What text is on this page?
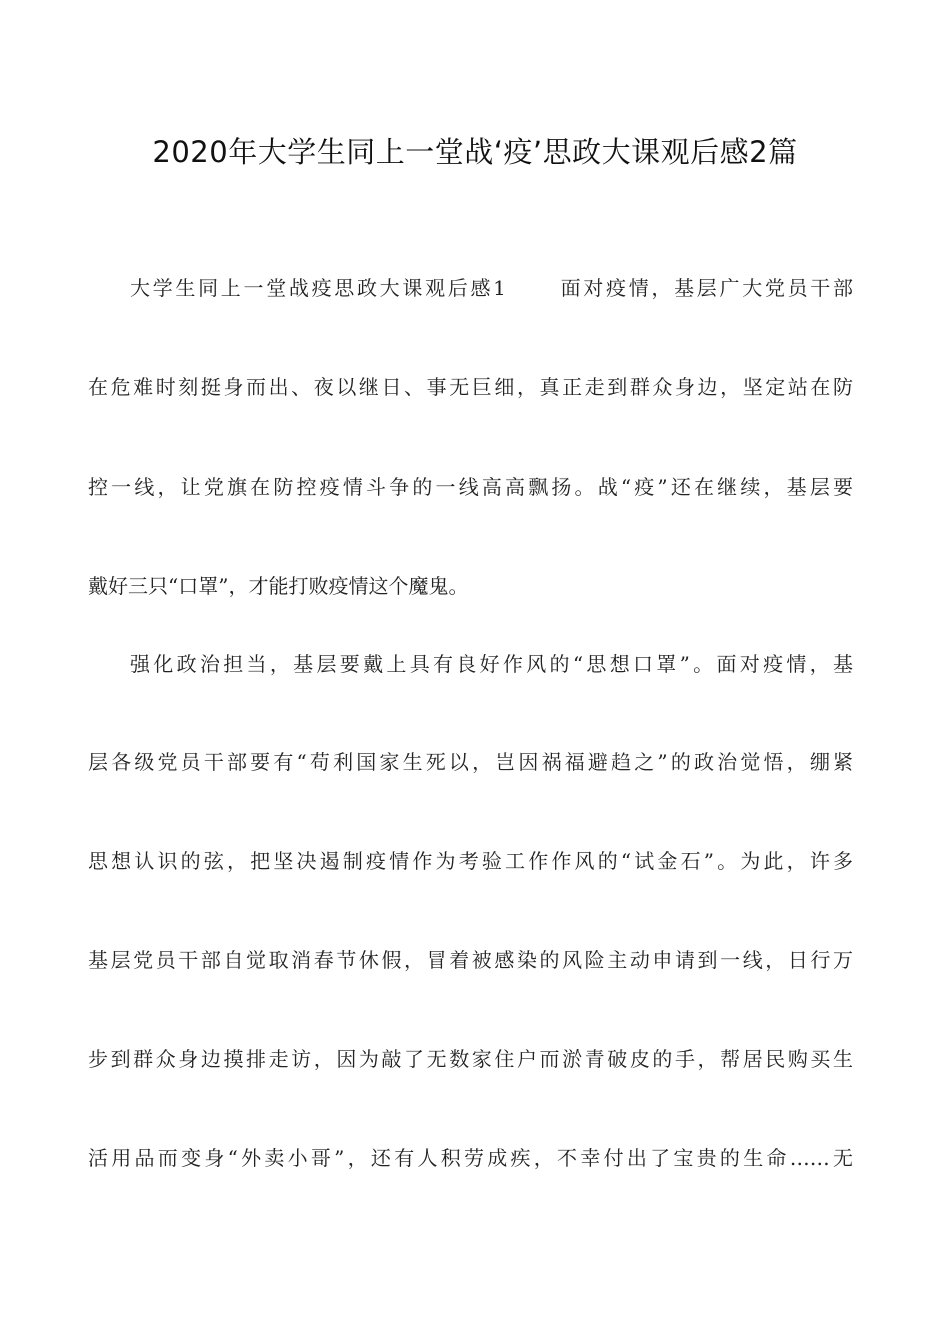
2020年大学生同上一堂战‘疫’思政大课观后感2篇
大学生同上一堂战疫思政大课观后感1	面对疫情，基层广大党员干部
在危难时刻挺身而出、夜以继日、事无巨细，真正走到群众身边，坚定站在防
控一线，让党旗在防控疫情斗争的一线高高飘扬。战“疫”还在继续，基层要
戴好三只“口罩”，才能打败疫情这个魔鬼。
强化政治担当，基层要戴上具有良好作风的“思想口罩”。面对疫情，基
层各级党员干部要有“苟利国家生死以，岂因祸福避趋之”的政治觉悟，绷紧
思想认识的弦，把坚决遏制疫情作为考验工作作风的“试金石”。为此，许多
基层党员干部自觉取消春节休假，冒着被感染的风险主动申请到一线，日行万
步到群众身边摸排走访，因为敲了无数家住户而淤青破皮的手，帮居民购买生
活用品而变身“外卖小哥”，还有人积劳成疾，不幸付出了宝贵的生命……无
